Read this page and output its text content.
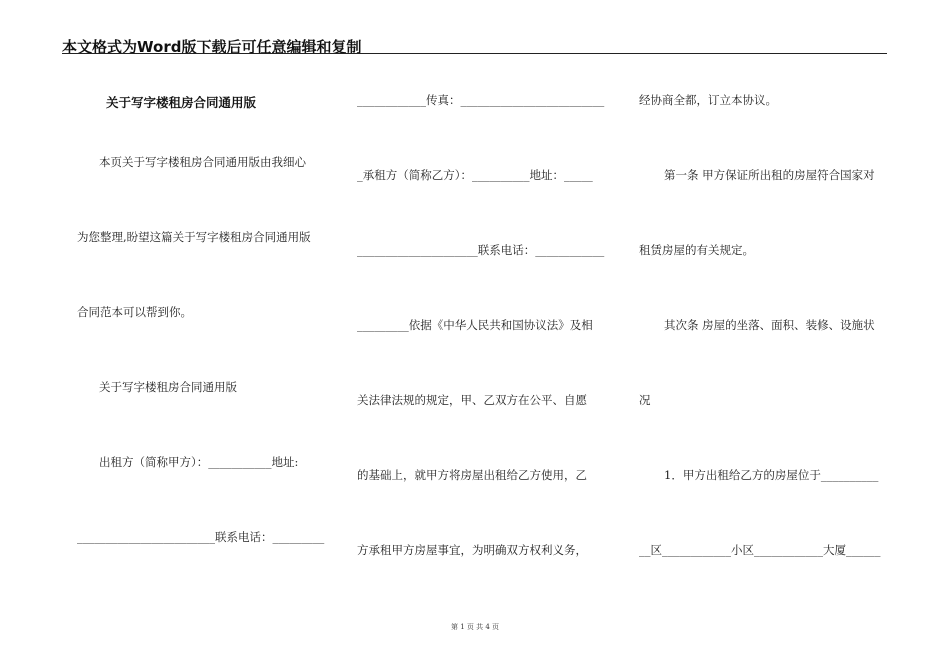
本文格式为Word版下载后可任意编辑和复制
关于写字楼租房合同通用版
本页关于写字楼租房合同通用版由我细心
为您整理,盼望这篇关于写字楼租房合同通用版
合同范本可以帮到你。
关于写字楼租房合同通用版
出租方（简称甲方）：___________地址:
________________________联系电话：_________
____________传真：_________________________
_承租方（简称乙方）：__________地址：_____
_____________________联系电话：____________
_________依据《中华人民共和国协议法》及相
关法律法规的规定，甲、乙双方在公平、自愿
的基础上，就甲方将房屋出租给乙方使用，乙
方承租甲方房屋事宜，为明确双方权利义务，
经协商全都，订立本协议。
第一条 甲方保证所出租的房屋符合国家对
租赁房屋的有关规定。
其次条 房屋的坐落、面积、装修、设施状
况
1．甲方出租给乙方的房屋位于__________
__区____________小区____________大厦______
第 1 页 共 4 页
